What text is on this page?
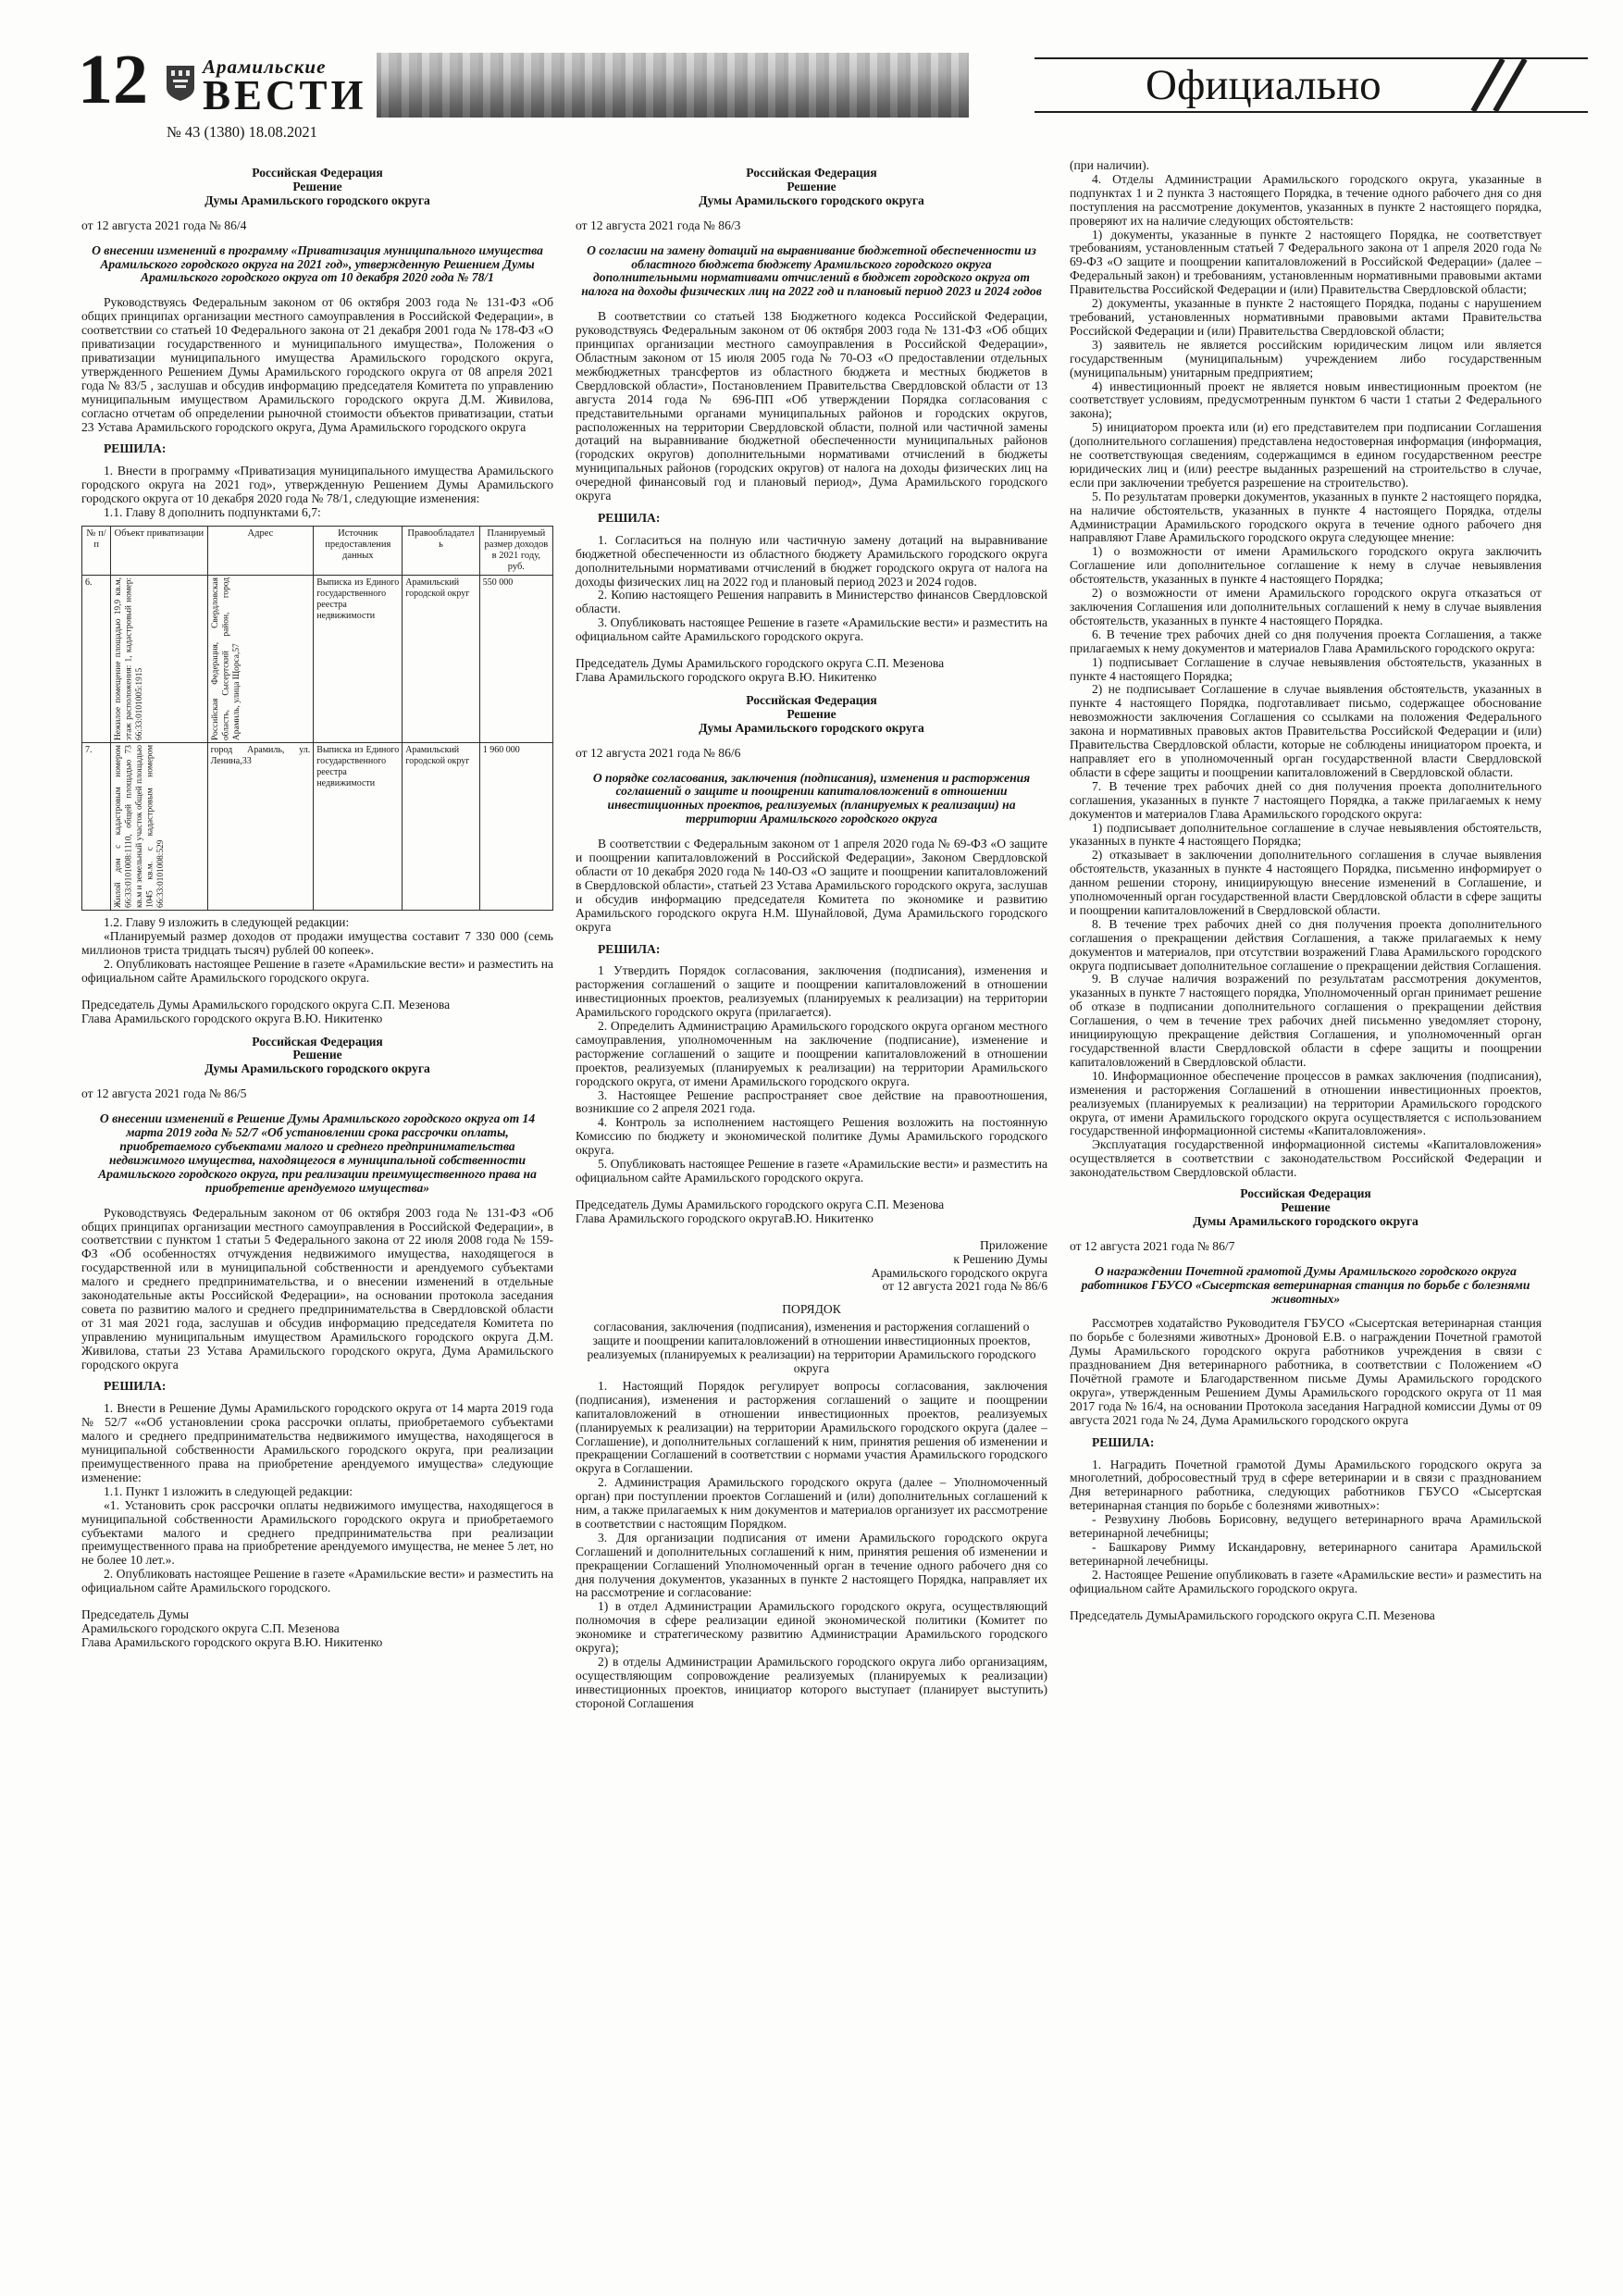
12	Арамильские
ВЕСТИ
№ 43 (1380) 18.08.2021
Официально
Российская Федерация
Решение
Думы Арамильского городского округа
от 12 августа 2021 года № 86/4
О внесении изменений в программу «Приватизация муниципального имущества Арамильского городского округа на 2021 год», утвержденную Решением Думы Арамильского городского округа от 10 декабря 2020 года № 78/1
Руководствуясь Федеральным законом от 06 октября 2003 года № 131-ФЗ «Об общих принципах организации местного самоуправления в Российской Федерации», в соответствии со статьей 10 Федерального закона от 21 декабря 2001 года № 178-ФЗ «О приватизации государственного и муниципального имущества», Положения о приватизации муниципального имущества Арамильского городского округа, утвержденного Решением Думы Арамильского городского округа от 08 апреля 2021 года № 83/5 , заслушав и обсудив информацию председателя Комитета по управлению муниципальным имуществом Арамильского городского округа Д.М. Живилова, согласно отчетам об определении рыночной стоимости объектов приватизации, статьи 23 Устава Арамильского городского округа, Дума Арамильского городского округа
РЕШИЛА:
1. Внести в программу «Приватизация муниципального имущества Арамильского городского округа на 2021 год», утвержденную Решением Думы Арамильского городского округа от 10 декабря 2020 года № 78/1, следующие изменения:
1.1. Главу 8 дополнить подпунктами 6,7:
№ п/п	Объект приватизации	Адрес	Источник предоставления данных	Правообладатель	Планируемый размер доходов в 2021 году, руб.

6.	Нежилое помещение площадью 19,9 кв.м, этаж расположения: 1, кадастровый номер: 66:33:0101005:1915	Российская Федерация, Свердловская область, Сысертский район, город Арамиль, улица Щорса,57	Выписка из Единого государственного реестра недвижимости	Арамильский городской округ	550 000

7.	Жилой дом с кадастровым номером 66:33:0101008:1110, общей площадью 73 кв.м и земельный участок общей площадью 1045 кв.м. с кадастровым номером 66:33:0101008:529	город Арамиль, ул. Ленина,33	Выписка из Единого государственного реестра недвижимости	Арамильский городской округ	1 960 000
1.2. Главу 9 изложить в следующей редакции:
«Планируемый размер доходов от продажи имущества составит 7 330 000 (семь миллионов триста тридцать тысяч) рублей 00 копеек».
2. Опубликовать настоящее Решение в газете «Арамильские вести» и разместить на официальном сайте Арамильского городского округа.
Председатель Думы Арамильского городского округа С.П. Мезенова
Глава Арамильского городского округа В.Ю. Никитенко
Российская Федерация
Решение
Думы Арамильского городского округа
от 12 августа 2021 года № 86/5
О внесении изменений в Решение Думы Арамильского городского округа от 14 марта 2019 года № 52/7 «Об установлении срока рассрочки оплаты, приобретаемого субъектами малого и среднего предпринимательства недвижимого имущества, находящегося в муниципальной собственности Арамильского городского округа, при реализации преимущественного права на приобретение арендуемого имущества»
Руководствуясь Федеральным законом от 06 октября 2003 года № 131-ФЗ «Об общих принципах организации местного самоуправления в Российской Федерации», в соответствии с пунктом 1 статьи 5 Федерального закона от 22 июля 2008 года № 159-ФЗ «Об особенностях отчуждения недвижимого имущества, находящегося в государственной или в муниципальной собственности и арендуемого субъектами малого и среднего предпринимательства, и о внесении изменений в отдельные законодательные акты Российской Федерации», на основании протокола заседания совета по развитию малого и среднего предпринимательства в Свердловской области от 31 мая 2021 года, заслушав и обсудив информацию председателя Комитета по управлению муниципальным имуществом Арамильского городского округа Д.М. Живилова, статьи 23 Устава Арамильского городского округа, Дума Арамильского городского округа
РЕШИЛА:
1. Внести в Решение Думы Арамильского городского округа от 14 марта 2019 года № 52/7 ««Об установлении срока рассрочки оплаты, приобретаемого субъектами малого и среднего предпринимательства недвижимого имущества, находящегося в муниципальной собственности Арамильского городского округа, при реализации преимущественного права на приобретение арендуемого имущества» следующие изменение:
1.1. Пункт 1 изложить в следующей редакции:
«1. Установить срок рассрочки оплаты недвижимого имущества, находящегося в муниципальной собственности Арамильского городского округа и приобретаемого субъектами малого и среднего предпринимательства при реализации преимущественного права на приобретение арендуемого имущества, не менее 5 лет, но не более 10 лет.».
2. Опубликовать настоящее Решение в газете «Арамильские вести» и разместить на официальном сайте Арамильского городского.
Председатель Думы
Арамильского городского округа С.П. Мезенова
Глава Арамильского городского округа В.Ю. Никитенко
Российская Федерация
Решение
Думы Арамильского городского округа
от 12 августа 2021 года № 86/3
О согласии на замену дотаций на выравнивание бюджетной обеспеченности из областного бюджета бюджету Арамильского городского округа дополнительными нормативами отчислений в бюджет городского округа от налога на доходы физических лиц на 2022 год и плановый период 2023 и 2024 годов
В соответствии со статьей 138 Бюджетного кодекса Российской Федерации, руководствуясь Федеральным законом от 06 октября 2003 года № 131-ФЗ «Об общих принципах организации местного самоуправления в Российской Федерации», Областным законом от 15 июля 2005 года № 70-ОЗ «О предоставлении отдельных межбюджетных трансфертов из областного бюджета и местных бюджетов в Свердловской области», Постановлением Правительства Свердловской области от 13 августа 2014 года № 696-ПП «Об утверждении Порядка согласования с представительными органами муниципальных районов и городских округов, расположенных на территории Свердловской области, полной или частичной замены дотаций на выравнивание бюджетной обеспеченности муниципальных районов (городских округов) дополнительными нормативами отчислений в бюджеты муниципальных районов (городских округов) от налога на доходы физических лиц на очередной финансовый год и плановый период», Дума Арамильского городского округа
РЕШИЛА:
1. Согласиться на полную или частичную замену дотаций на выравнивание бюджетной обеспеченности из областного бюджету Арамильского городского округа дополнительными нормативами отчислений в бюджет городского округа от налога на доходы физических лиц на 2022 год и плановый период 2023 и 2024 годов.
2. Копию настоящего Решения направить в Министерство финансов Свердловской области.
3. Опубликовать настоящее Решение в газете «Арамильские вести» и разместить на официальном сайте Арамильского городского округа.
Председатель Думы Арамильского городского округа С.П. Мезенова
Глава Арамильского городского округа В.Ю. Никитенко
Российская Федерация
Решение
Думы Арамильского городского округа
от 12 августа 2021 года № 86/6
О порядке согласования, заключения (подписания), изменения и расторжения соглашений о защите и поощрении капиталовложений в отношении инвестиционных проектов, реализуемых (планируемых к реализации) на территории Арамильского городского округа
В соответствии с Федеральным законом от 1 апреля 2020 года № 69-ФЗ «О защите и поощрении капиталовложений в Российской Федерации», Законом Свердловской области от 10 декабря 2020 года № 140-ОЗ «О защите и поощрении капиталовложений в Свердловской области», статьей 23 Устава Арамильского городского округа, заслушав и обсудив информацию председателя Комитета по экономике и развитию Арамильского городского округа Н.М. Шунайловой, Дума Арамильского городского округа
РЕШИЛА:
1 Утвердить Порядок согласования, заключения (подписания), изменения и расторжения соглашений о защите и поощрении капиталовложений в отношении инвестиционных проектов, реализуемых (планируемых к реализации) на территории Арамильского городского округа (прилагается).
2. Определить Администрацию Арамильского городского округа органом местного самоуправления, уполномоченным на заключение (подписание), изменение и расторжение соглашений о защите и поощрении капиталовложений в отношении проектов, реализуемых (планируемых к реализации) на территории Арамильского городского округа, от имени Арамильского городского округа.
3. Настоящее Решение распространяет свое действие на правоотношения, возникшие со 2 апреля 2021 года.
4. Контроль за исполнением настоящего Решения возложить на постоянную Комиссию по бюджету и экономической политике Думы Арамильского городского округа.
5. Опубликовать настоящее Решение в газете «Арамильские вести» и разместить на официальном сайте Арамильского городского округа.
Председатель Думы Арамильского городского округа С.П. Мезенова
Глава Арамильского городского округаВ.Ю. Никитенко
Приложение
к Решению Думы
Арамильского городского округа
от 12 августа 2021 года № 86/6
ПОРЯДОК
согласования, заключения (подписания), изменения и расторжения соглашений о защите и поощрении капиталовложений в отношении инвестиционных проектов, реализуемых (планируемых к реализации) на территории Арамильского городского округа
1. Настоящий Порядок регулирует вопросы согласования, заключения (подписания), изменения и расторжения соглашений о защите и поощрении капиталовложений в отношении инвестиционных проектов, реализуемых (планируемых к реализации) на территории Арамильского городского округа (далее – Соглашение), и дополнительных соглашений к ним, принятия решения об изменении и прекращении Соглашений в соответствии с нормами участия Арамильского городского округа в Соглашении.
2. Администрация Арамильского городского округа (далее – Уполномоченный орган) при поступлении проектов Соглашений и (или) дополнительных соглашений к ним, а также прилагаемых к ним документов и материалов организует их рассмотрение в соответствии с настоящим Порядком.
3. Для организации подписания от имени Арамильского городского округа Соглашений и дополнительных соглашений к ним, принятия решения об изменении и прекращении Соглашений Уполномоченный орган в течение одного рабочего дня со дня получения документов, указанных в пункте 2 настоящего Порядка, направляет их на рассмотрение и согласование:
1) в отдел Администрации Арамильского городского округа, осуществляющий полномочия в сфере реализации единой экономической политики (Комитет по экономике и стратегическому развитию Администрации Арамильского городского округа);
2) в отделы Администрации Арамильского городского округа либо организациям, осуществляющим сопровождение реализуемых (планируемых к реализации) инвестиционных проектов, инициатор которого выступает (планирует выступить) стороной Соглашения
(при наличии).
4. Отделы Администрации Арамильского городского округа, указанные в подпунктах 1 и 2 пункта 3 настоящего Порядка, в течение одного рабочего дня со дня поступления на рассмотрение документов, указанных в пункте 2 настоящего порядка, проверяют их на наличие следующих обстоятельств:
1) документы, указанные в пункте 2 настоящего Порядка, не соответствует требованиям, установленным статьей 7 Федерального закона от 1 апреля 2020 года № 69-ФЗ «О защите и поощрении капиталовложений в Российской Федерации» (далее – Федеральный закон) и требованиям, установленным нормативными правовыми актами Правительства Российской Федерации и (или) Правительства Свердловской области;
2) документы, указанные в пункте 2 настоящего Порядка, поданы с нарушением требований, установленных нормативными правовыми актами Правительства Российской Федерации и (или) Правительства Свердловской области;
3) заявитель не является российским юридическим лицом или является государственным (муниципальным) учреждением либо государственным (муниципальным) унитарным предприятием;
4) инвестиционный проект не является новым инвестиционным проектом (не соответствует условиям, предусмотренным пунктом 6 части 1 статьи 2 Федерального закона);
5) инициатором проекта или (и) его представителем при подписании Соглашения (дополнительного соглашения) представлена недостоверная информация (информация, не соответствующая сведениям, содержащимся в едином государственном реестре юридических лиц и (или) реестре выданных разрешений на строительство в случае, если при заключении требуется разрешение на строительство).
5. По результатам проверки документов, указанных в пункте 2 настоящего порядка, на наличие обстоятельств, указанных в пункте 4 настоящего Порядка, отделы Администрации Арамильского городского округа в течение одного рабочего дня направляют Главе Арамильского городского округа следующее мнение:
1) о возможности от имени Арамильского городского округа заключить Соглашение или дополнительное соглашение к нему в случае невыявления обстоятельств, указанных в пункте 4 настоящего Порядка;
2) о возможности от имени Арамильского городского округа отказаться от заключения Соглашения или дополнительных соглашений к нему в случае выявления обстоятельств, указанных в пункте 4 настоящего Порядка.
6. В течение трех рабочих дней со дня получения проекта Соглашения, а также прилагаемых к нему документов и материалов Глава Арамильского городского округа:
1) подписывает Соглашение в случае невыявления обстоятельств, указанных в пункте 4 настоящего Порядка;
2) не подписывает Соглашение в случае выявления обстоятельств, указанных в пункте 4 настоящего Порядка, подготавливает письмо, содержащее обоснование невозможности заключения Соглашения со ссылками на положения Федерального закона и нормативных правовых актов Правительства Российской Федерации и (или) Правительства Свердловской области, которые не соблюдены инициатором проекта, и направляет его в уполномоченный орган государственной власти Свердловской области в сфере защиты и поощрении капиталовложений в Свердловской области.
7. В течение трех рабочих дней со дня получения проекта дополнительного соглашения, указанных в пункте 7 настоящего Порядка, а также прилагаемых к нему документов и материалов Глава Арамильского городского округа:
1) подписывает дополнительное соглашение в случае невыявления обстоятельств, указанных в пункте 4 настоящего Порядка;
2) отказывает в заключении дополнительного соглашения в случае выявления обстоятельств, указанных в пункте 4 настоящего Порядка, письменно информирует о данном решении сторону, инициирующую внесение изменений в Соглашение, и уполномоченный орган государственной власти Свердловской области в сфере защиты и поощрении капиталовложений в Свердловской области.
8. В течение трех рабочих дней со дня получения проекта дополнительного соглашения о прекращении действия Соглашения, а также прилагаемых к нему документов и материалов, при отсутствии возражений Глава Арамильского городского округа подписывает дополнительное соглашение о прекращении действия Соглашения.
9. В случае наличия возражений по результатам рассмотрения документов, указанных в пункте 7 настоящего порядка, Уполномоченный орган принимает решение об отказе в подписании дополнительного соглашения о прекращении действия Соглашения, о чем в течение трех рабочих дней письменно уведомляет сторону, инициирующую прекращение действия Соглашения, и уполномоченный орган государственной власти Свердловской области в сфере защиты и поощрении капиталовложений в Свердловской области.
10. Информационное обеспечение процессов в рамках заключения (подписания), изменения и расторжения Соглашений в отношении инвестиционных проектов, реализуемых (планируемых к реализации) на территории Арамильского городского округа, от имени Арамильского городского округа осуществляется с использованием государственной информационной системы «Капиталовложения».
Эксплуатация государственной информационной системы «Капиталовложения» осуществляется в соответствии с законодательством Российской Федерации и законодательством Свердловской области.
Российская Федерация
Решение
Думы Арамильского городского округа
от 12 августа 2021 года № 86/7
О награждении Почетной грамотой Думы Арамильского городского округа работников ГБУСО «Сысертская ветеринарная станция по борьбе с болезнями животных»
Рассмотрев ходатайство Руководителя ГБУСО «Сысертская ветеринарная станция по борьбе с болезнями животных» Дроновой Е.В. о награждении Почетной грамотой Думы Арамильского городского округа работников учреждения в связи с празднованием Дня ветеринарного работника, в соответствии с Положением «О Почётной грамоте и Благодарственном письме Думы Арамильского городского округа», утвержденным Решением Думы Арамильского городского округа от 11 мая 2017 года № 16/4, на основании Протокола заседания Наградной комиссии Думы от 09 августа 2021 года № 24, Дума Арамильского городского округа
РЕШИЛА:
1. Наградить Почетной грамотой Думы Арамильского городского округа за многолетний, добросовестный труд в сфере ветеринарии и в связи с празднованием Дня ветеринарного работника, следующих работников ГБУСО «Сысертская ветеринарная станция по борьбе с болезнями животных»:
- Резвухину Любовь Борисовну, ведущего ветеринарного врача Арамильской ветеринарной лечебницы;
- Башкарову Римму Искандаровну, ветеринарного санитара Арамильской ветеринарной лечебницы.
2. Настоящее Решение опубликовать в газете «Арамильские вести» и разместить на официальном сайте Арамильского городского округа.
Председатель ДумыАрамильского городского округа С.П. Мезенова
